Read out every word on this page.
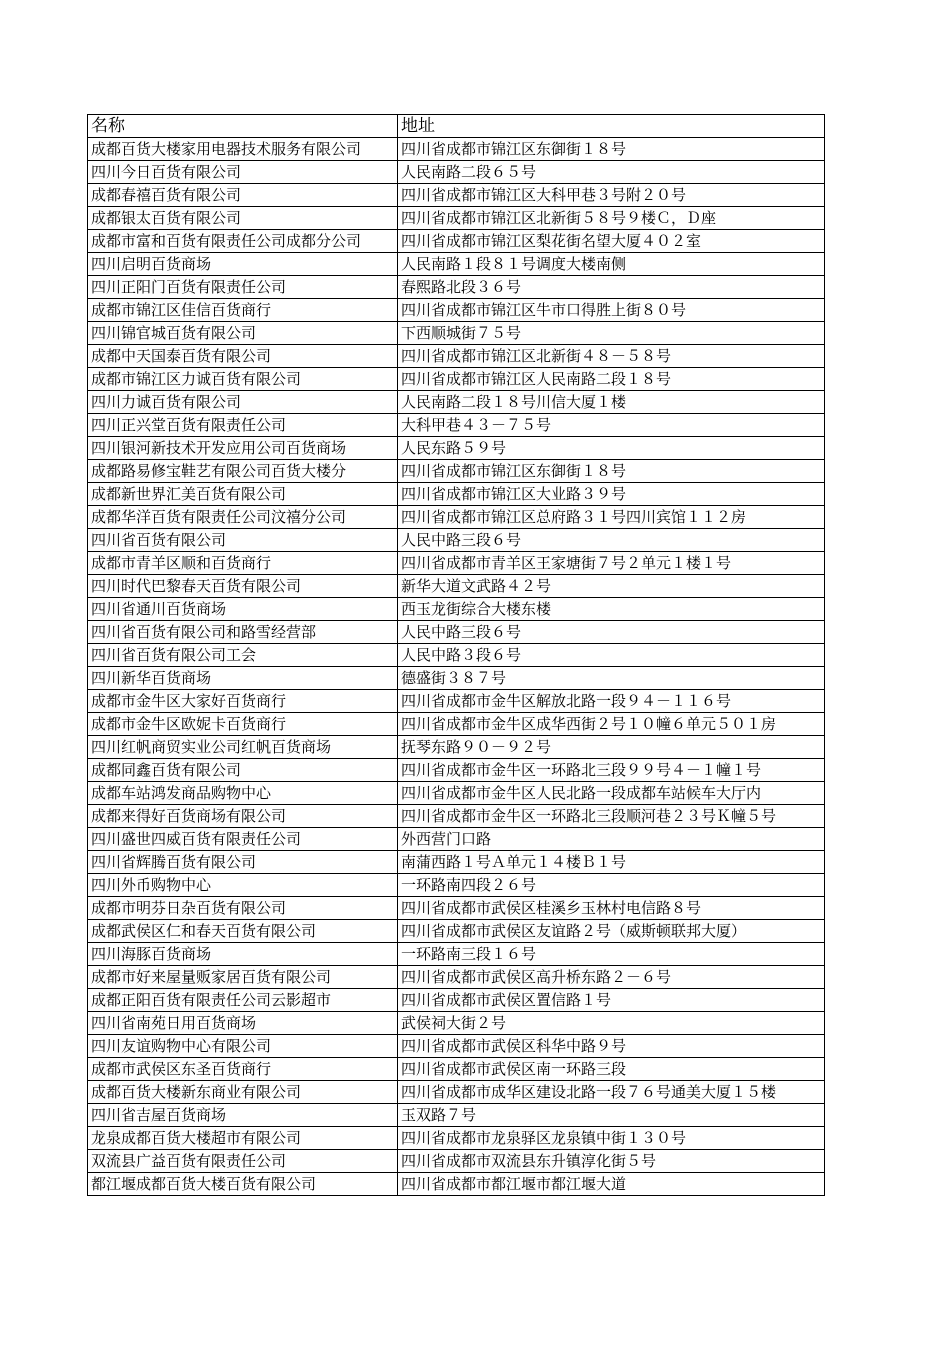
名称	地址
成都百货大楼家用电器技术服务有限公司	四川省成都市锦江区东御街１８号
四川今日百货有限公司	人民南路二段６５号
成都春禧百货有限公司	四川省成都市锦江区大科甲巷３号附２０号
成都银太百货有限公司	四川省成都市锦江区北新街５８号９楼Ｃ，Ｄ座
成都市富和百货有限责任公司成都分公司	四川省成都市锦江区梨花街名望大厦４０２室
四川启明百货商场	人民南路１段８１号调度大楼南侧
四川正阳门百货有限责任公司	春熙路北段３６号
成都市锦江区佳信百货商行	四川省成都市锦江区牛市口得胜上街８０号
四川锦官城百货有限公司	下西顺城街７５号
成都中天国泰百货有限公司	四川省成都市锦江区北新街４８－５８号
成都市锦江区力诚百货有限公司	四川省成都市锦江区人民南路二段１８号
四川力诚百货有限公司	人民南路二段１８号川信大厦１楼
四川正兴堂百货有限责任公司	大科甲巷４３－７５号
四川银河新技术开发应用公司百货商场	人民东路５９号
成都路易修宝鞋艺有限公司百货大楼分	四川省成都市锦江区东御街１８号
成都新世界汇美百货有限公司	四川省成都市锦江区大业路３９号
成都华洋百货有限责任公司汶禧分公司	四川省成都市锦江区总府路３１号四川宾馆１１２房
四川省百货有限公司	人民中路三段６号
成都市青羊区顺和百货商行	四川省成都市青羊区王家塘街７号２单元１楼１号
四川时代巴黎春天百货有限公司	新华大道文武路４２号
四川省通川百货商场	西玉龙街综合大楼东楼
四川省百货有限公司和路雪经营部	人民中路三段６号
四川省百货有限公司工会	人民中路３段６号
四川新华百货商场	德盛街３８７号
成都市金牛区大家好百货商行	四川省成都市金牛区解放北路一段９４－１１６号
成都市金牛区欧妮卡百货商行	四川省成都市金牛区成华西街２号１０幢６单元５０１房
四川红帆商贸实业公司红帆百货商场	抚琴东路９０－９２号
成都同鑫百货有限公司	四川省成都市金牛区一环路北三段９９号４－１幢１号
成都车站鸿发商品购物中心	四川省成都市金牛区人民北路一段成都车站候车大厅内
成都来得好百货商场有限公司	四川省成都市金牛区一环路北三段顺河巷２３号Ｋ幢５号
四川盛世四威百货有限责任公司	外西营门口路
四川省辉腾百货有限公司	南蒲西路１号Ａ单元１４楼Ｂ１号
四川外币购物中心	一环路南四段２６号
成都市明芬日杂百货有限公司	四川省成都市武侯区桂溪乡玉林村电信路８号
成都武侯区仁和春天百货有限公司	四川省成都市武侯区友谊路２号（威斯顿联邦大厦）
四川海豚百货商场	一环路南三段１６号
成都市好来屋量贩家居百货有限公司	四川省成都市武侯区高升桥东路２－６号
成都正阳百货有限责任公司云影超市	四川省成都市武侯区置信路１号
四川省南苑日用百货商场	武侯祠大街２号
四川友谊购物中心有限公司	四川省成都市武侯区科华中路９号
成都市武侯区东圣百货商行	四川省成都市武侯区南一环路三段
成都百货大楼新东商业有限公司	四川省成都市成华区建设北路一段７６号通美大厦１５楼
四川省吉屋百货商场	玉双路７号
龙泉成都百货大楼超市有限公司	四川省成都市龙泉驿区龙泉镇中街１３０号
双流县广益百货有限责任公司	四川省成都市双流县东升镇淳化街５号
都江堰成都百货大楼百货有限公司	四川省成都市都江堰市都江堰大道
